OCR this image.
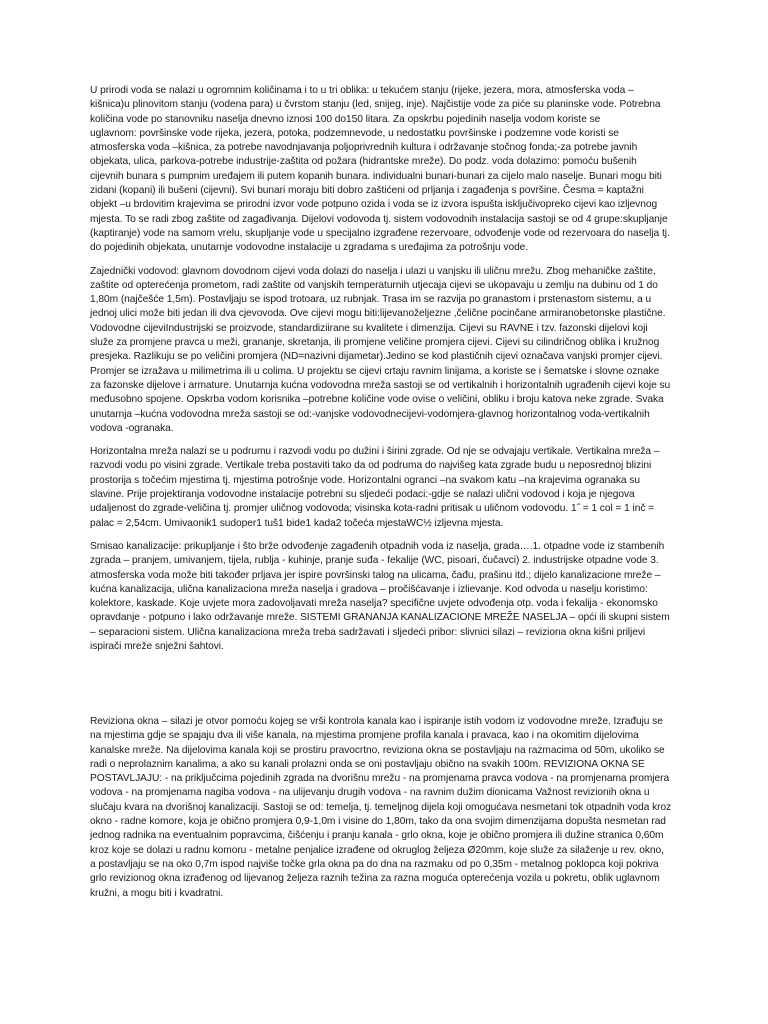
U prirodi voda se nalazi u ogromnim količinama i to u tri oblika: u tekućem stanju (rijeke, jezera, mora, atmosferska voda – kišnica)u plinovitom stanju (vodena para) u čvrstom stanju (led, snijeg, inje). Najčistije vode za piće su planinske vode. Potrebna količina vode po stanovniku naselja dnevno iznosi 100 do150 litara. Za opskrbu pojedinih naselja vodom koriste se uglavnom: površinske vode rijeka, jezera, potoka, podzemnevode, u nedostatku površinske i podzemne vode koristi se atmosferska voda –kišnica, za potrebe navodnjavanja poljoprivrednih kultura i održavanje stočnog fonda;-za potrebe javnih objekata, ulica, parkova-potrebe industrije-zaštita od požara (hidrantske mreže). Do podz. voda dolazimo: pomoću bušenih cijevnih bunara s pumpnim uređajem ili putem kopanih bunara. individualni bunari-bunari za cijelo malo naselje. Bunari mogu biti zidani (kopani) ili bušeni (cijevni). Svi bunari moraju biti dobro zaštićeni od prljanja i zagađenja s površine. Česma = kaptažni objekt –u brdovitim krajevima se prirodni izvor vode potpuno ozida i voda se iz izvora ispušta isključivopreko cijevi kao izljevnog mjesta. To se radi zbog zaštite od zagađivanja. Dijelovi vodovoda tj. sistem vodovodnih instalacija sastoji se od 4 grupe:skupljanje (kaptiranje) vode na samom vrelu, skupljanje vode u specijalno izgrađene rezervoare, odvođenje vode od rezervoara do naselja tj. do pojedinih objekata, unutarnje vodovodne instalacije u zgradama s uređajima za potrošnju vode.

Zajednički vodovod: glavnom dovodnom cijevi voda dolazi do naselja i ulazi u vanjsku ili uličnu mrežu. Zbog mehaničke zaštite, zaštite od opterećenja prometom, radi zaštite od vanjskih temperaturnih utjecaja cijevi se ukopavaju u zemlju na dubinu od 1 do 1,80m (najčešće 1,5m). Postavljaju se ispod trotoara, uz rubnjak. Trasa im se razvija po granastom i prstenastom sistemu, a u jednoj ulici može biti jedan ili dva cjevovoda. Ove cijevi mogu biti:lijevanoželjezne ,čelične pocinčane armiranobetonske plastične. Vodovodne cijeviIndustrijski se proizvode, standardiziirane su kvalitete i dimenzija. Cijevi su RAVNE i tzv. fazonski dijelovi koji služe za promjene pravca u meži, grananje, skretanja, ili promjene veličine promjera cijevi. Cijevi su cilindričnog oblika i kružnog presjeka. Razlikuju se po veličini promjera (ND=nazivni dijametar).Jedino se kod plastičnih cijevi označava vanjski promjer cijevi. Promjer se izražava u milimetrima ili u colima. U projektu se cijevi crtaju ravnim linijama, a koriste se i šematske i slovne oznake za fazonske dijelove i armature. Unutarnja kućna vodovodna mreža sastoji se od vertikalnih i horizontalnih ugrađenih cijevi koje su međusobno spojene. Opskrba vodom korisnika –potrebne količine vode ovise o veličini, obliku i broju katova neke zgrade. Svaka unutarnja –kućna vodovodna mreža sastoji se od:-vanjske vodovodnecijevi-vodomjera-glavnog horizontalnog voda-vertikalnih vodova -ogranaka.

Horizontalna mreža nalazi se u podrumu i razvodi vodu po dužini i širini zgrade. Od nje se odvajaju vertikale. Vertikalna mreža –razvodi vodu po visini zgrade. Vertikale treba postaviti tako da od podruma do najvišeg kata zgrade budu u neposrednoj blizini prostorija s točećim mjestima tj. mjestima potrošnje vode. Horizontalni ogranci –na svakom katu –na krajevima ogranaka su slavine. Prije projektiranja vodovodne instalacije potrebni su sljedeći podaci:-gdje se nalazi ulični vodovod i koja je njegova udaljenost do zgrade-veličina tj. promjer uličnog vodovoda; visinska kota-radni pritisak u uličnom vodovodu. 1˝ = 1 col = 1 inč = palac = 2,54cm. Umivaonik1 sudoper1 tuš1 bide1 kada2 točeća mjestaWC½ izljevna mjesta.

Smisao kanalizacije: prikupljanje i što brže odvođenje zagađenih otpadnih voda iz naselja, grada….1. otpadne vode iz stambenih zgrada – pranjem, umivanjem, tijela, rublja - kuhinje, pranje suđa - fekalije (WC, pisoari, čučavci) 2. industrijske otpadne vode 3. atmosferska voda može biti također prljava jer ispire površinski talog na ulicama, čađu, prašinu itd.; dijelo kanalizacione mreže – kućna kanalizacija, ulična kanalizaciona mreža naselja i gradova – pročišćavanje i izlievanje. Kod odvoda u naselju koristimo: kolektore, kaskade. Koje uvjete mora zadovoljavati mreža naselja? specifične uvjete odvođenja otp. voda i fekalija - ekonomsko opravdanje - potpuno i lako održavanje mreže. SISTEMI GRANANJA KANALIZACIONE MREŽE NASELJA – opći ili skupni sistem – separacioni sistem. Ulična kanalizaciona mreža treba sadržavati i sljedeći pribor: slivnici silazi – reviziona okna kišni priljevi ispirači mreže snježni šahtovi.

Reviziona okna – silazi je otvor pomoću kojeg se vrši kontrola kanala kao i ispiranje istih vodom iz vodovodne mreže. Izrađuju se na mjestima gdje se spajaju dva ili više kanala, na mjestima promjene profila kanala i pravaca, kao i na okomitim dijelovima kanalske mreže. Na dijelovima kanala koji se prostiru pravocrtno, reviziona okna se postavljaju na razmacima od 50m, ukoliko se radi o neprolaznim kanalima, a ako su kanali prolazni onda se oni postavljaju obično na svakih 100m. REVIZIONA OKNA SE POSTAVLJAJU: - na priključcima pojedinih zgrada na dvorišnu mrežu - na promjenama pravca vodova - na promjenama promjera vodova - na promjenama nagiba vodova - na ulijevanju drugih vodova - na ravnim dužim dionicama Važnost revizionih okna u slučaju kvara na dvorišnoj kanalizaciji. Sastoji se od: temelja, tj. temeljnog dijela koji omogućava nesmetani tok otpadnih voda kroz okno - radne komore, koja je obično promjera 0,9-1,0m i visine do 1,80m, tako da ona svojim dimenzijama dopušta nesmetan rad jednog radnika na eventualnim popravcima, čišćenju i pranju kanala - grlo okna, koje je obično promjera ili dužine stranica 0,60m kroz koje se dolazi u radnu komoru - metalne penjalice izrađene od okruglog željeza Ø20mm, koje služe za silaženje u rev. okno, a postavljaju se na oko 0,7m ispod najviše točke grla okna pa do dna na razmaku od po 0,35m - metalnog poklopca koji pokriva grlo revizionog okna izrađenog od lijevanog željeza raznih težina za razna moguća opterećenja vozila u pokretu, oblik uglavnom kružni, a mogu biti i kvadratni.
